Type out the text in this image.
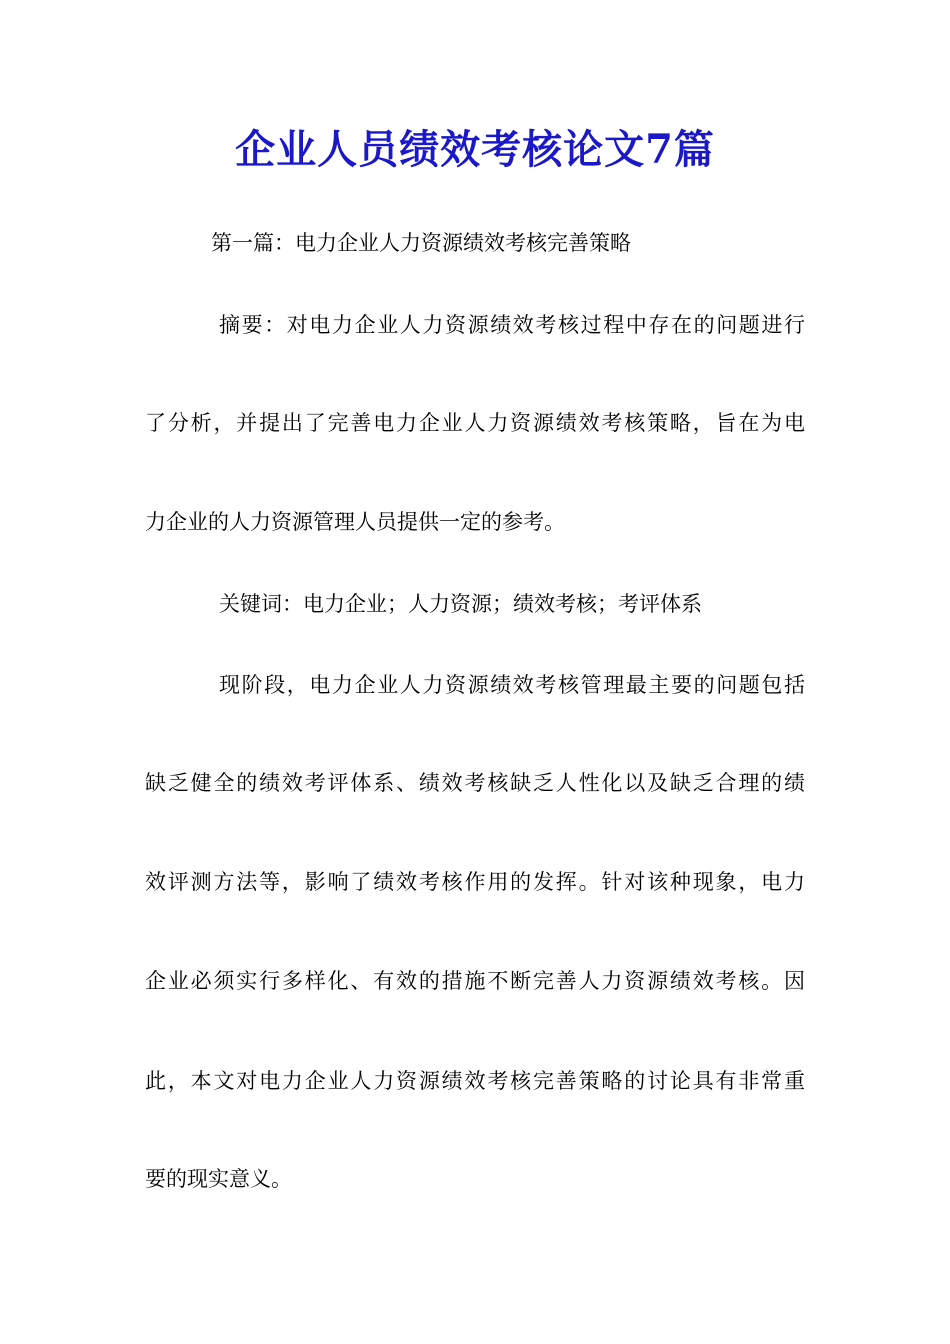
企业人员绩效考核论文7篇
第一篇：电力企业人力资源绩效考核完善策略
摘要：对电力企业人力资源绩效考核过程中存在的问题进行
了分析，并提出了完善电力企业人力资源绩效考核策略，旨在为电
力企业的人力资源管理人员提供一定的参考。
关键词：电力企业；人力资源；绩效考核；考评体系
现阶段，电力企业人力资源绩效考核管理最主要的问题包括
缺乏健全的绩效考评体系、绩效考核缺乏人性化以及缺乏合理的绩
效评测方法等，影响了绩效考核作用的发挥。针对该种现象，电力
企业必须实行多样化、有效的措施不断完善人力资源绩效考核。因
此，本文对电力企业人力资源绩效考核完善策略的讨论具有非常重
要的现实意义。
